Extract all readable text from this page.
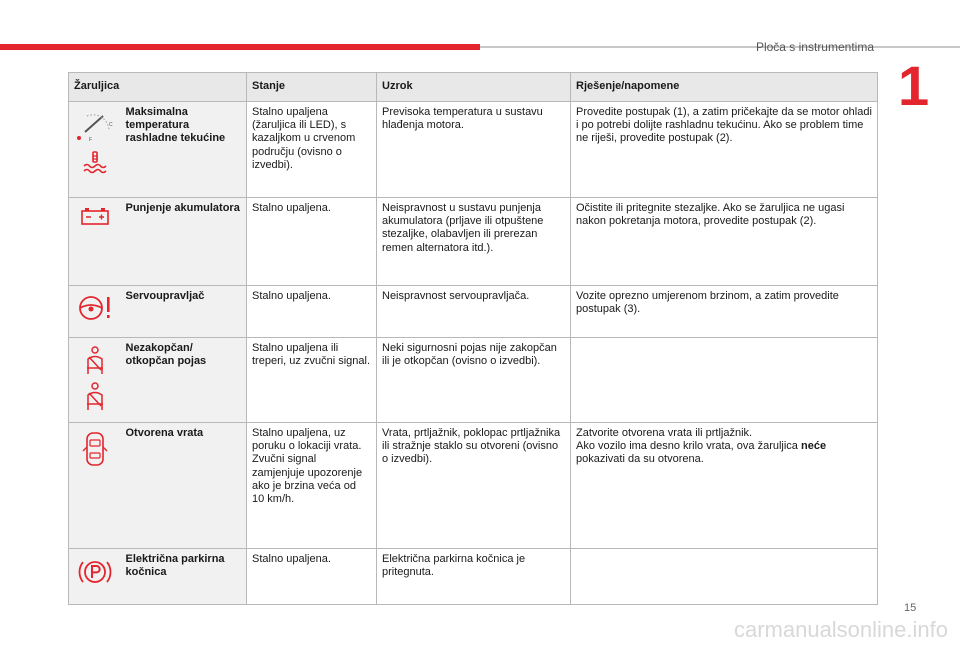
Ploča s instrumentima
1
Žaruljica		Stanje	Uzrok	Rješenje/napomene

C
F	Maksimalna temperatura rashladne tekućine	Stalno upaljena (žaruljica ili LED), s kazaljkom u crvenom području (ovisno o izvedbi).	Previsoka temperatura u sustavu hlađenja motora.	Provedite postupak (1), a zatim pričekajte da se motor ohladi i po potrebi dolijte rashladnu tekućinu. Ako se problem time ne riješi, provedite postupak (2).

	Punjenje akumulatora	Stalno upaljena.	Neispravnost u sustavu punjenja akumulatora (prljave ili otpuštene stezaljke, olabavljen ili prerezan remen alternatora itd.).	Očistite ili pritegnite stezaljke. Ako se žaruljica ne ugasi nakon pokretanja motora, provedite postupak (2).

	Servoupravljač	Stalno upaljena.	Neispravnost servoupravljača.	Vozite oprezno umjerenom brzinom, a zatim provedite postupak (3).

	Nezakopčan/ otkopčan pojas	Stalno upaljena ili treperi, uz zvučni signal.	Neki sigurnosni pojas nije zakopčan ili je otkopčan (ovisno o izvedbi).	

	Otvorena vrata	Stalno upaljena, uz poruku o lokaciji vrata. Zvučni signal zamjenjuje upozorenje ako je brzina veća od 10 km/h.	Vrata, prtljažnik, poklopac prtljažnika ili stražnje staklo su otvoreni (ovisno o izvedbi).	Zatvorite otvorena vrata ili prtljažnik.
Ako vozilo ima desno krilo vrata, ova žaruljica neće pokazivati da su otvorena.

	Električna parkirna kočnica	Stalno upaljena.	Električna parkirna kočnica je pritegnuta.	
15
carmanualsonline.info
